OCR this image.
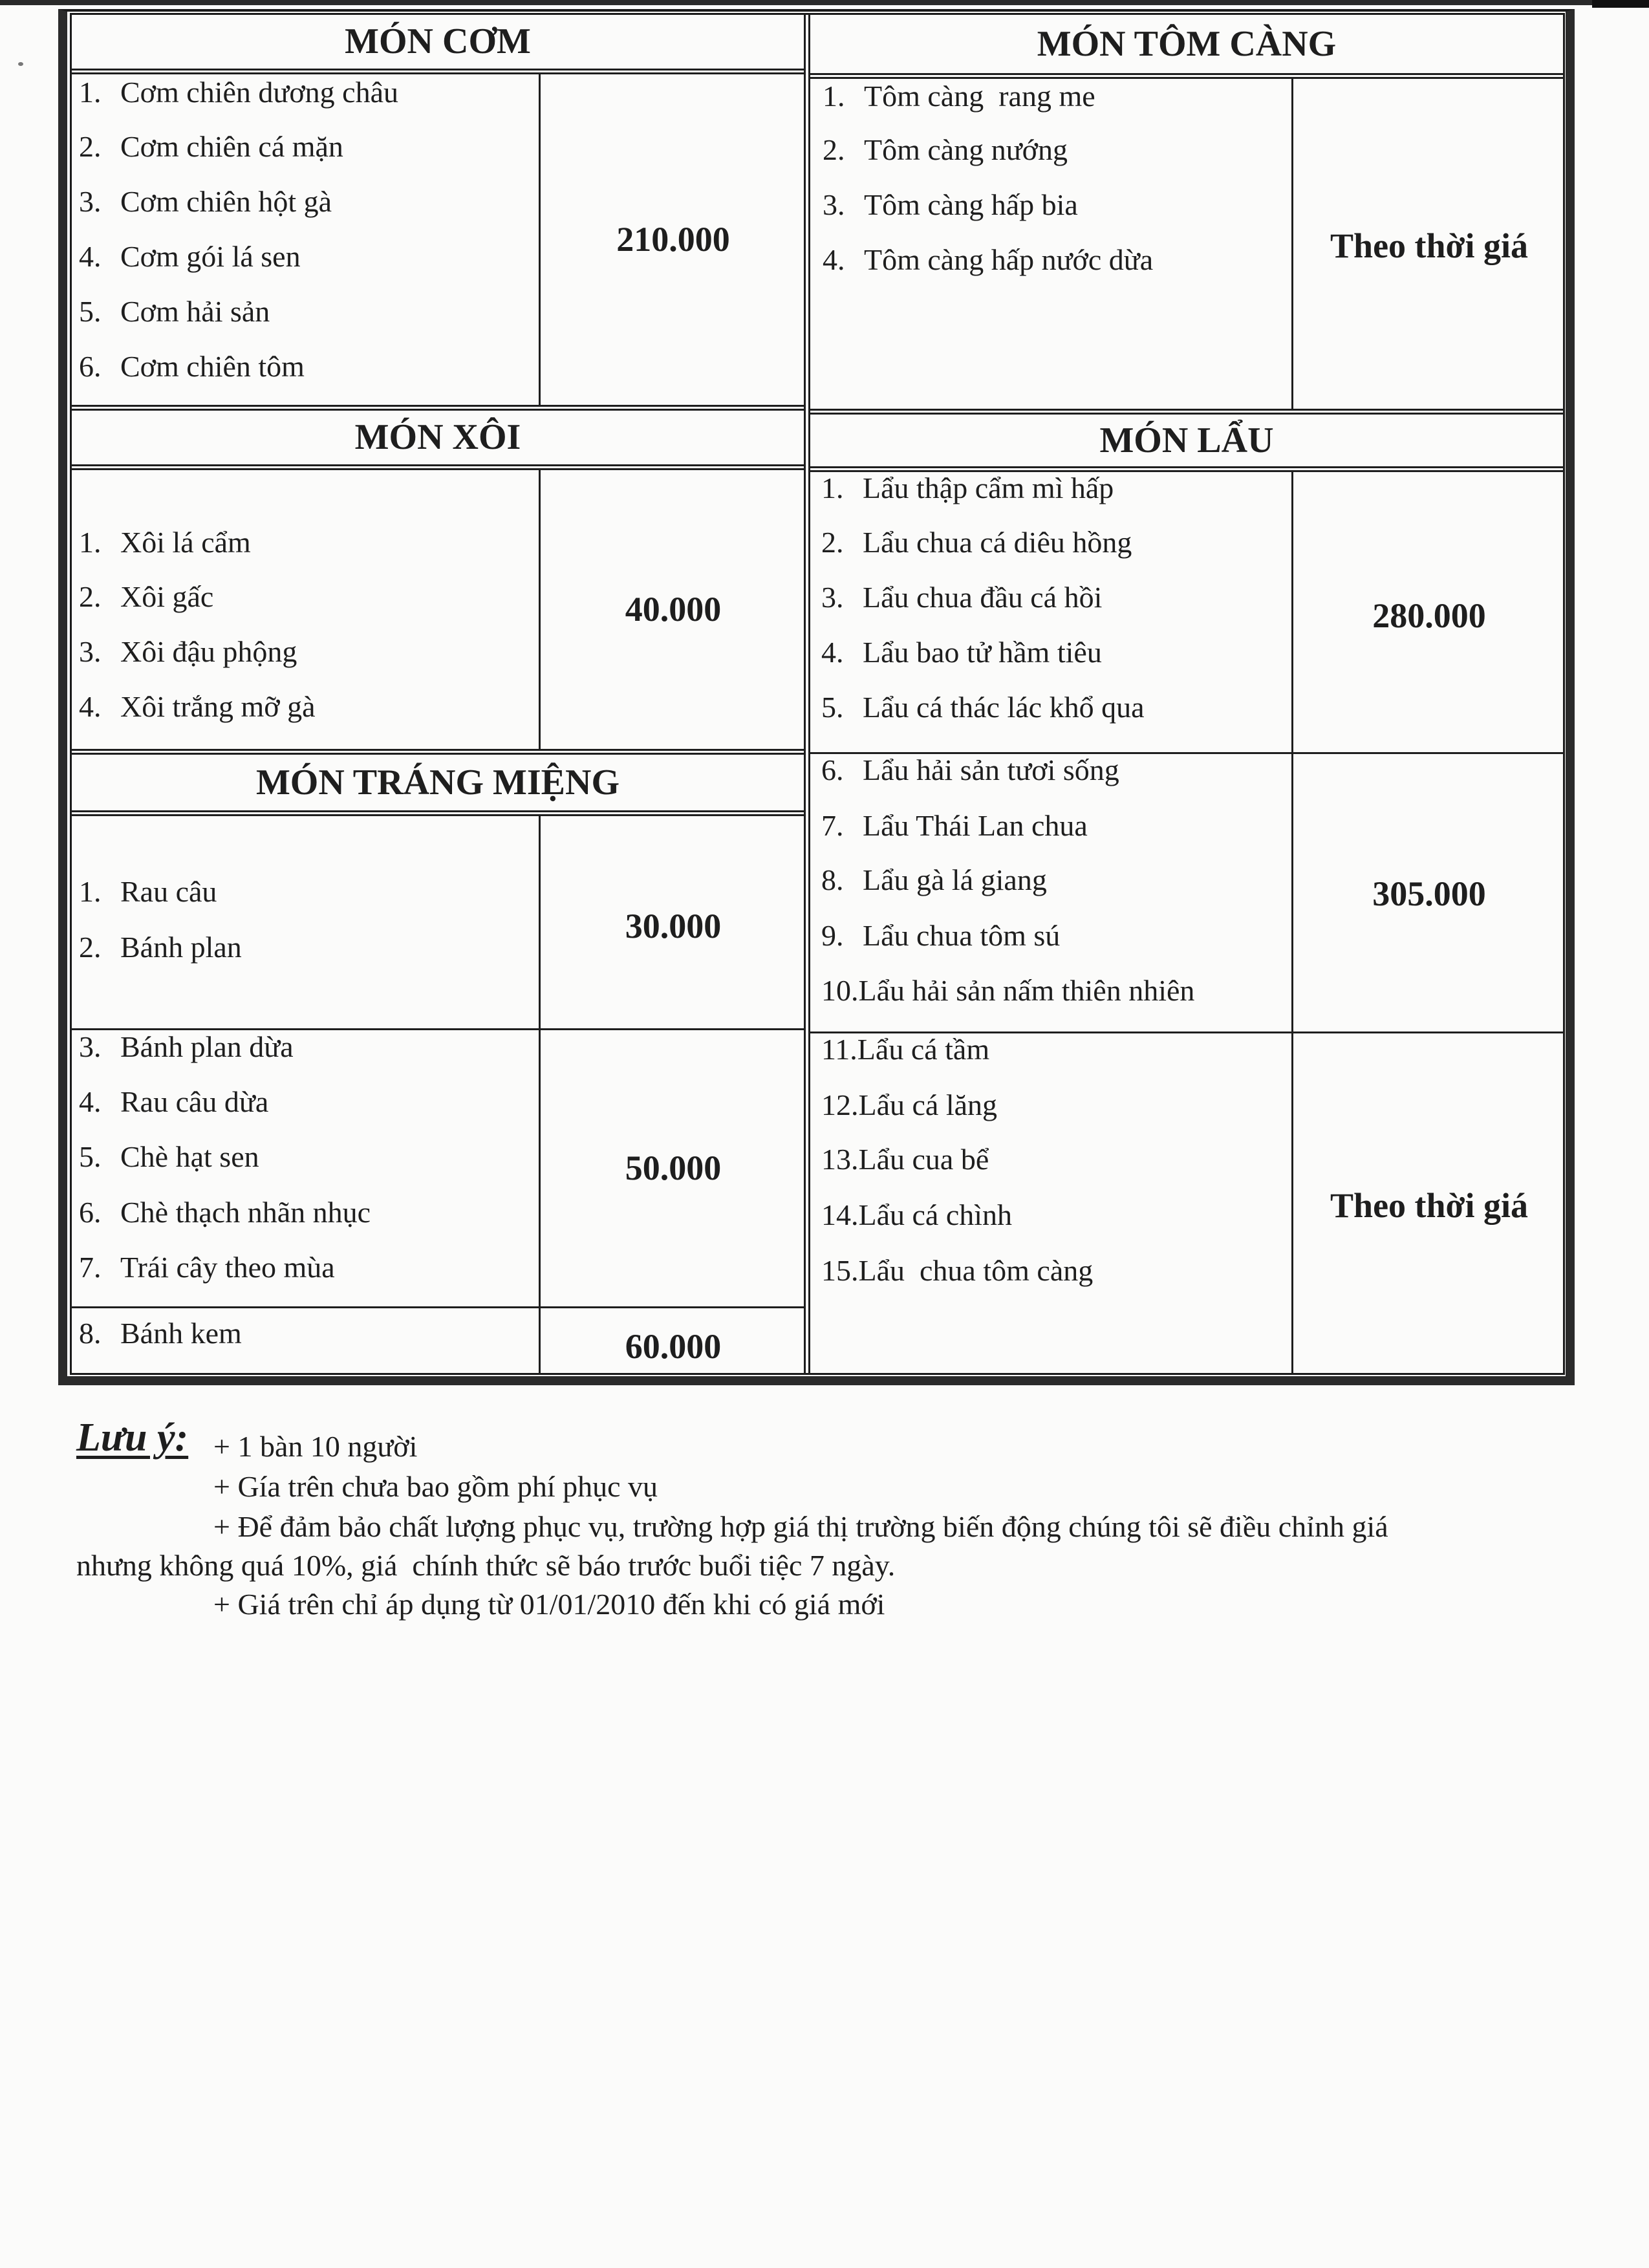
MÓN CƠM
1. Cơm chiên dương châu
2. Cơm chiên cá mặn
3. Cơm chiên hột gà
4. Cơm gói lá sen
5. Cơm hải sản
6. Cơm chiên tôm
210.000
MÓN TÔM CÀNG
1. Tôm càng  rang me
2. Tôm càng nướng
3. Tôm càng hấp bia
4. Tôm càng hấp nước dừa	Theo thời giá
MÓN XÔI
1. Xôi lá cẩm
2. Xôi gấc
3. Xôi đậu phộng
4. Xôi trắng mỡ gà
40.000
MÓN LẨU
1. Lẩu thập cẩm mì hấp
2. Lẩu chua cá diêu hồng
3. Lẩu chua đầu cá hồi
4. Lẩu bao tử hầm tiêu
5. Lẩu cá thác lác khổ qua
6. Lẩu hải sản tươi sống
7. Lẩu Thái Lan chua
8. Lẩu gà lá giang
9. Lẩu chua tôm sú
10.Lẩu hải sản nấm thiên nhiên
11.Lẩu cá tầm
12.Lẩu cá lăng
13.Lẩu cua bể
14.Lẩu cá chình
15.Lẩu  chua tôm càng
280.000
305.000
Theo thời giá
MÓN TRÁNG MIỆNG
1. Rau câu
2. Bánh plan
3. Bánh plan dừa
4. Rau câu dừa
5. Chè hạt sen
6. Chè thạch nhãn nhục
7. Trái cây theo mùa
8. Bánh kem
30.000
50.000
60.000
Lưu ý: + 1 bàn 10 người
+ Gía trên chưa bao gồm phí phục vụ
+ Để đảm bảo chất lượng phục vụ, trường hợp giá thị trường biến động chúng tôi sẽ điều chỉnh giá
nhưng không quá 10%, giá  chính thức sẽ báo trước buổi tiệc 7 ngày.
+ Giá trên chỉ áp dụng từ 01/01/2010 đến khi có giá mới
